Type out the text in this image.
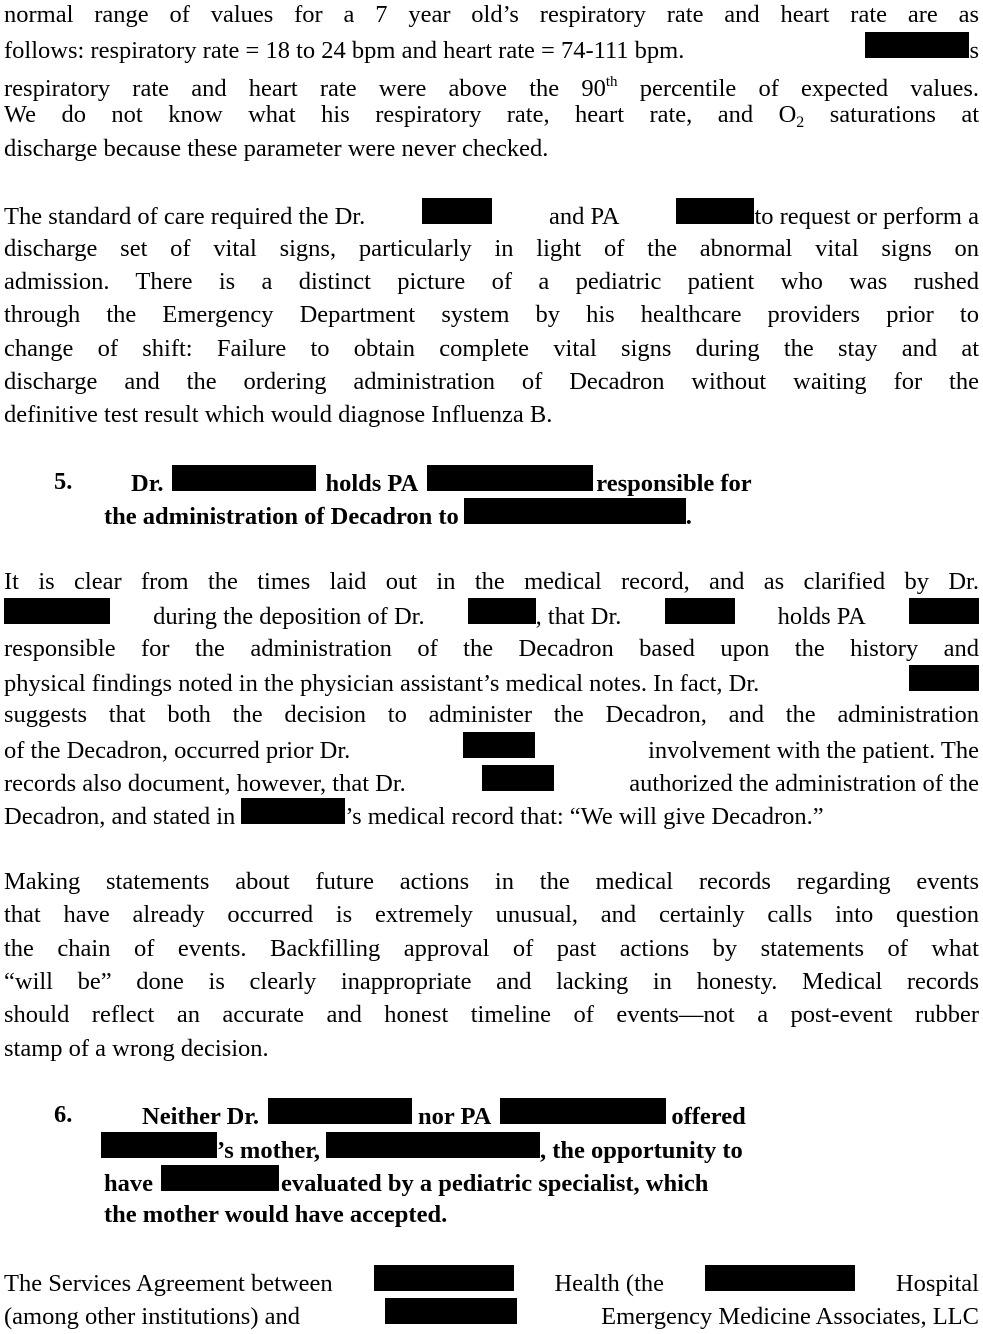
normal range of values for a 7 year old’s respiratory rate and heart rate are as
follows: respiratory rate = 18 to 24 bpm and heart rate = 74-111 bpm.	s
respiratory rate and heart rate were above the 90th percentile of expected values.
We do not know what his respiratory rate, heart rate, and $O_2$ saturations at
discharge because these parameter were never checked.
The standard of care required the Dr.	and PA	to request or perform a
discharge set of vital signs, particularly in light of the abnormal vital signs on
admission. There is a distinct picture of a pediatric patient who was rushed
through the Emergency Department system by his healthcare providers prior to
change of shift: Failure to obtain complete vital signs during the stay and at
discharge and the ordering administration of Decadron without waiting for the
definitive test result which would diagnose Influenza B.
5. Dr.	holds PA	responsible for
the administration of Decadron to	.
It is clear from the times laid out in the medical record, and as clarified by Dr.
during the deposition of Dr.	, that Dr.	holds PA
responsible for the administration of the Decadron based upon the history and
physical findings noted in the physician assistant’s medical notes. In fact, Dr.
suggests that both the decision to administer the Decadron, and the administration
of the Decadron, occurred prior Dr.	involvement with the patient. The
records also document, however, that Dr.	authorized the administration of the
Decadron, and stated in	’s medical record that: “We will give Decadron.”
Making statements about future actions in the medical records regarding events
that have already occurred is extremely unusual, and certainly calls into question
the chain of events. Backfilling approval of past actions by statements of what
“will be” done is clearly inappropriate and lacking in honesty. Medical records
should reflect an accurate and honest timeline of events—not a post-event rubber
stamp of a wrong decision.
6.	Neither Dr.	nor PA	offered
’s mother,	, the opportunity to
have	evaluated by a pediatric specialist, which
the mother would have accepted.
The Services Agreement between	Health (the	Hospital
(among other institutions) and	Emergency Medicine Associates, LLC
